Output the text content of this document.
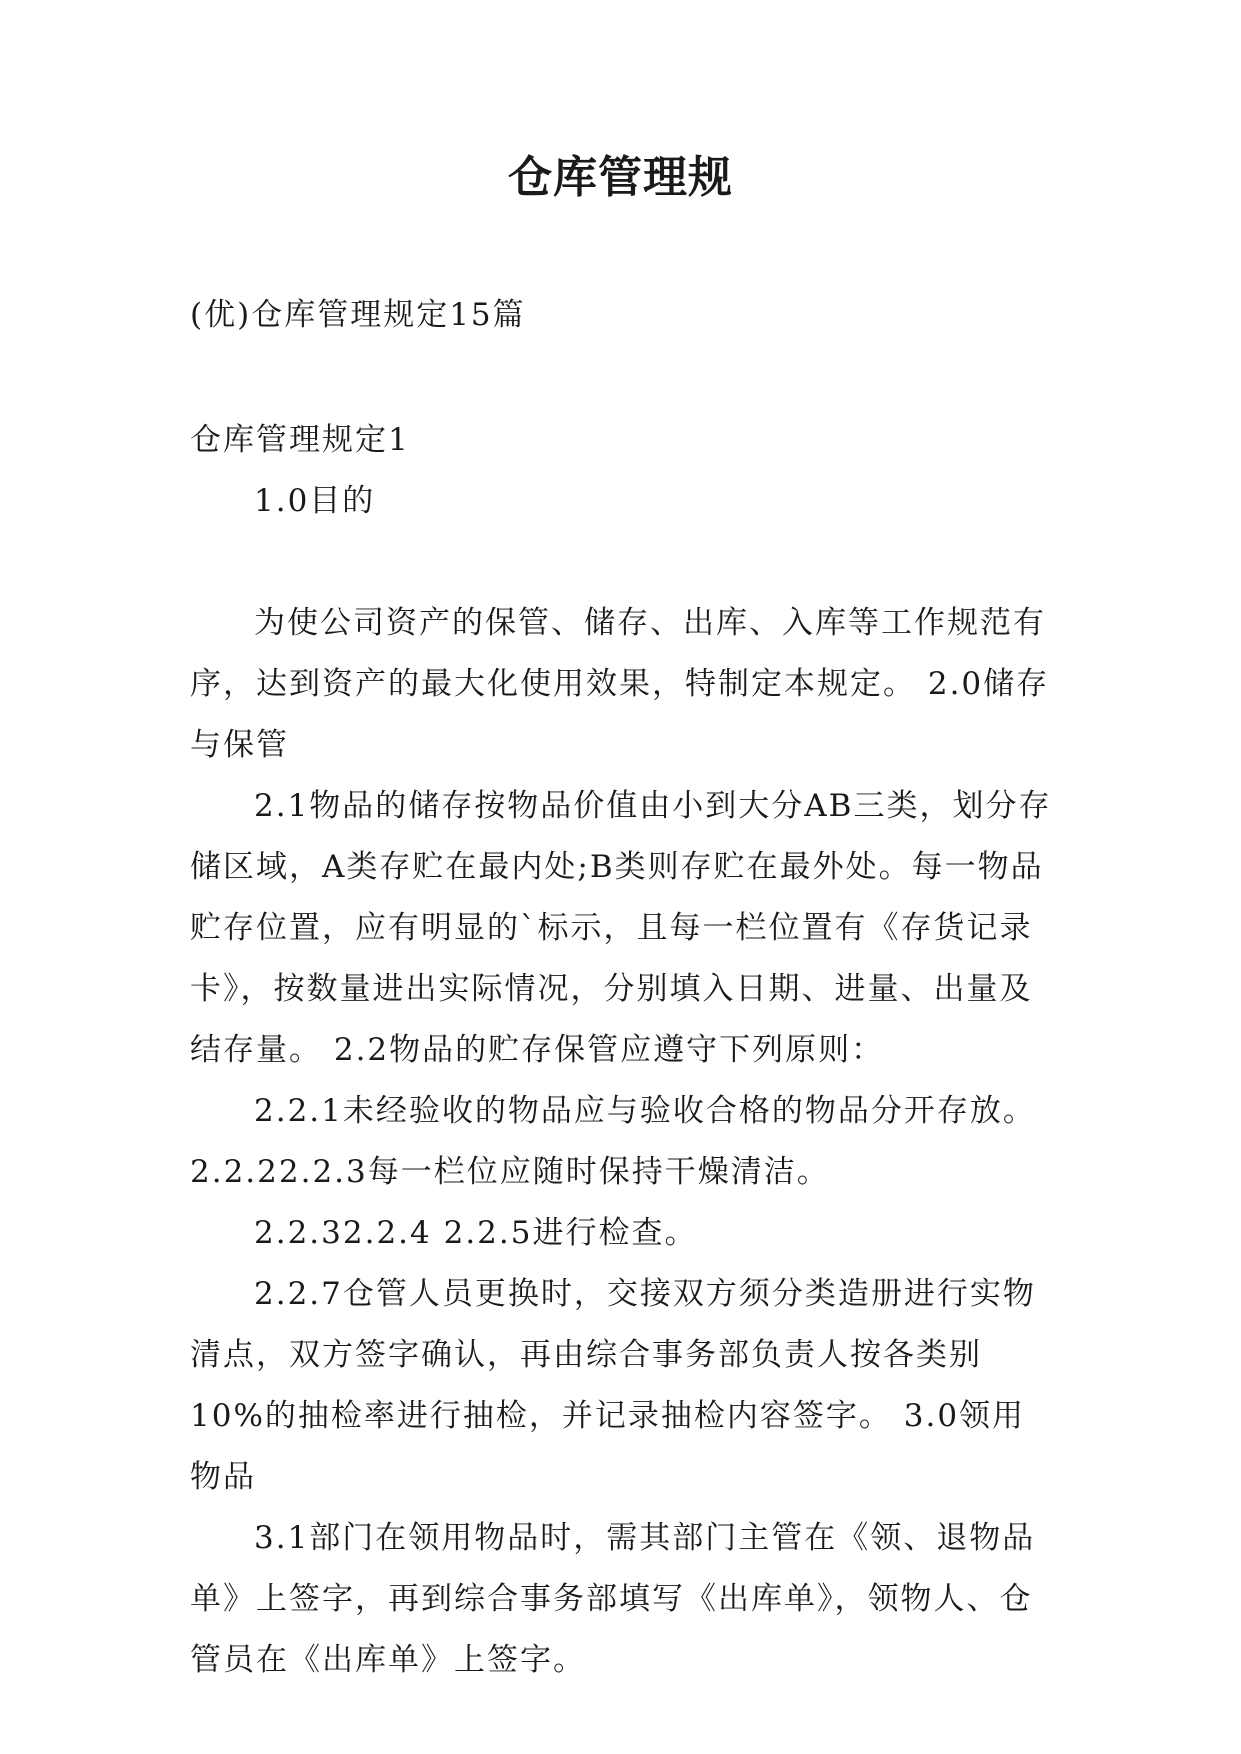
仓库管理规
(优)仓库管理规定15篇

仓库管理规定1

1.0目的

为使公司资产的保管、储存、出库、入库等工作规范有序，达到资产的最大化使用效果，特制定本规定。 2.0储存与保管

2.1物品的储存按物品价值由小到大分AB三类，划分存储区域，A类存贮在最内处;B类则存贮在最外处。每一物品贮存位置，应有明显的`标示，且每一栏位置有《存货记录卡》，按数量进出实际情况，分别填入日期、进量、出量及结存量。 2.2物品的贮存保管应遵守下列原则：

2.2.1未经验收的物品应与验收合格的物品分开存放。2.2.22.2.3每一栏位应随时保持干燥清洁。

2.2.32.2.4 2.2.5进行检查。

2.2.7仓管人员更换时，交接双方须分类造册进行实物清点，双方签字确认，再由综合事务部负责人按各类别10%的抽检率进行抽检，并记录抽检内容签字。 3.0领用物品

3.1部门在领用物品时，需其部门主管在《领、退物品单》上签字，再到综合事务部填写《出库单》，领物人、仓管员在《出库单》上签字。
